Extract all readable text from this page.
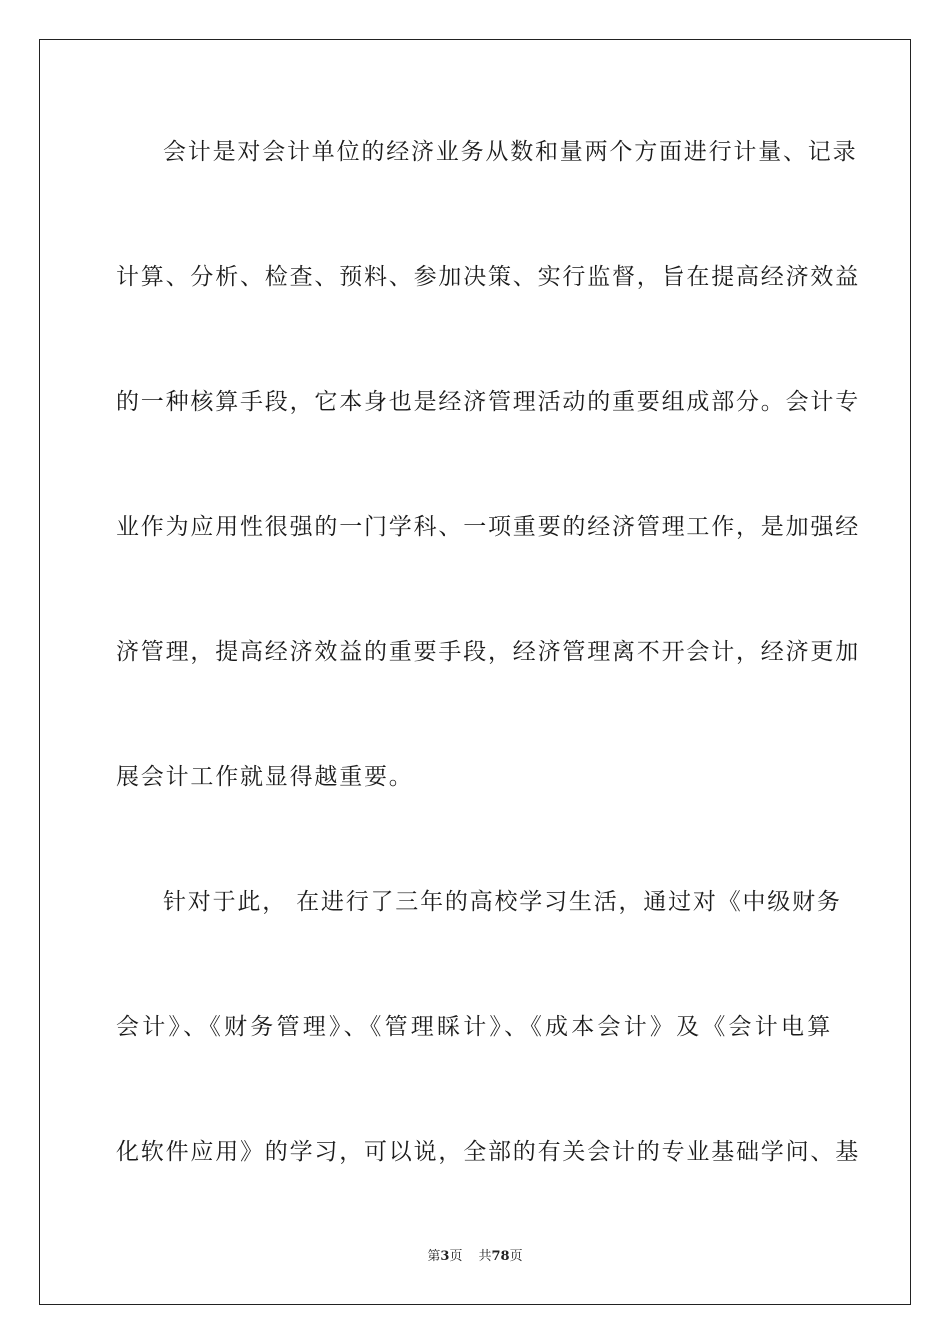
会计是对会计单位的经济业务从数和量两个方面进行计量、记录
计算、分析、检查、预料、参加决策、实行监督，旨在提高经济效益
的一种核算手段，它本身也是经济管理活动的重要组成部分。会计专
业作为应用性很强的一门学科、一项重要的经济管理工作，是加强经
济管理，提高经济效益的重要手段，经济管理离不开会计，经济更加
展会计工作就显得越重要。
针对于此， 在进行了三年的高校学习生活，通过对《中级财务
会计》、《财务管理》、《管理睬计》、《成本会计》及《会计电算
化软件应用》的学习，可以说，全部的有关会计的专业基础学问、基
第3页 共78页
